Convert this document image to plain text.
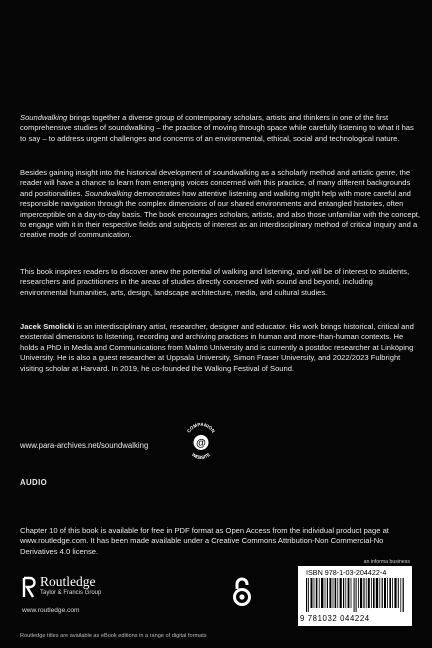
Soundwalking brings together a diverse group of contemporary scholars, artists and thinkers in one of the first comprehensive studies of soundwalking – the practice of moving through space while carefully listening to what it has to say – to address urgent challenges and concerns of an environmental, ethical, social and technological nature.

Besides gaining insight into the historical development of soundwalking as a scholarly method and artistic genre, the reader will have a chance to learn from emerging voices concerned with this practice, of many different backgrounds and positionalities. Soundwalking demonstrates how attentive listening and walking might help with more careful and responsible navigation through the complex dimensions of our shared environments and entangled histories, often imperceptible on a day-to-day basis. The book encourages scholars, artists, and also those unfamiliar with the concept, to engage with it in their respective fields and subjects of interest as an interdisciplinary method of critical inquiry and a creative mode of communication.

This book inspires readers to discover anew the potential of walking and listening, and will be of interest to students, researchers and practitioners in the areas of studies directly concerned with sound and beyond, including environmental humanities, arts, design, landscape architecture, media, and cultural studies.

Jacek Smolicki is an interdisciplinary artist, researcher, designer and educator. His work brings historical, critical and existential dimensions to listening, recording and archiving practices in human and more-than-human contexts. He holds a PhD in Media and Communications from Malmö University and is currently a postdoc researcher at Linköping University. He is also a guest researcher at Uppsala University, Simon Fraser University, and 2022/2023 Fulbright visiting scholar at Harvard. In 2019, he co-founded the Walking Festival of Sound.

www.para-archives.net/soundwalking
COMPANION
@
WEBSITE
AUDIO

Chapter 10 of this book is available for free in PDF format as Open Access from the individual product page at www.routledge.com. It has been made available under a Creative Commons Attribution-Non Commercial-No Derivatives 4.0 license.

Routledge
Taylor & Francis Group
www.routledge.com
an informa business
ISBN 978-1-03-204422-4
9 781032 044224
Routledge titles are available as eBook editions in a range of digital formats
